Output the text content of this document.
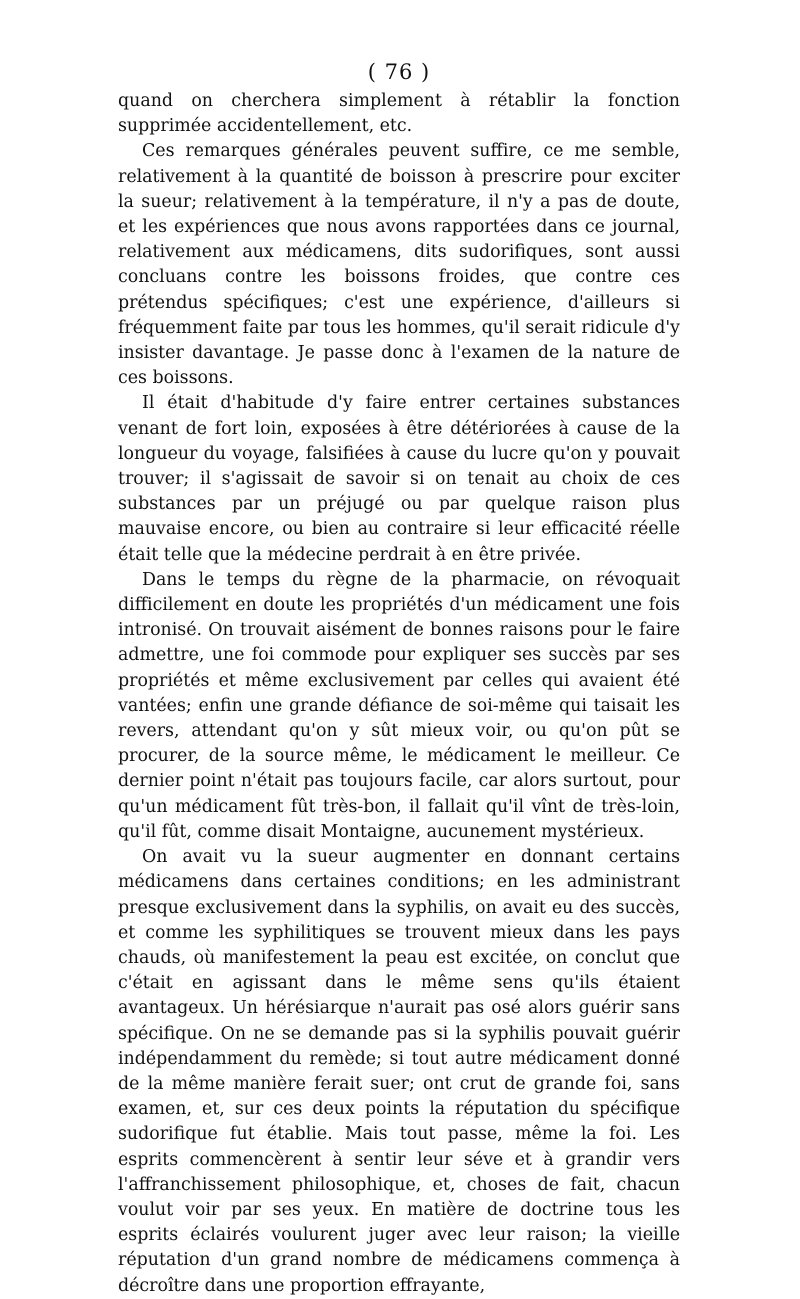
( 76 )

quand on cherchera simplement à rétablir la fonction supprimée accidentellement, etc.

Ces remarques générales peuvent suffire, ce me semble, relativement à la quantité de boisson à prescrire pour exciter la sueur; relativement à la température, il n'y a pas de doute, et les expériences que nous avons rapportées dans ce journal, relativement aux médicamens, dits sudorifiques, sont aussi concluans contre les boissons froides, que contre ces prétendus spécifiques; c'est une expérience, d'ailleurs si fréquemment faite par tous les hommes, qu'il serait ridicule d'y insister davantage. Je passe donc à l'examen de la nature de ces boissons.

Il était d'habitude d'y faire entrer certaines substances venant de fort loin, exposées à être détériorées à cause de la longueur du voyage, falsifiées à cause du lucre qu'on y pouvait trouver; il s'agissait de savoir si on tenait au choix de ces substances par un préjugé ou par quelque raison plus mauvaise encore, ou bien au contraire si leur efficacité réelle était telle que la médecine perdrait à en être privée.

Dans le temps du règne de la pharmacie, on révoquait difficilement en doute les propriétés d'un médicament une fois intronisé. On trouvait aisément de bonnes raisons pour le faire admettre, une foi commode pour expliquer ses succès par ses propriétés et même exclusivement par celles qui avaient été vantées; enfin une grande défiance de soi-même qui taisait les revers, attendant qu'on y sût mieux voir, ou qu'on pût se procurer, de la source même, le médicament le meilleur. Ce dernier point n'était pas toujours facile, car alors surtout, pour qu'un médicament fût très-bon, il fallait qu'il vînt de très-loin, qu'il fût, comme disait Montaigne, aucunement mystérieux.

On avait vu la sueur augmenter en donnant certains médicamens dans certaines conditions; en les administrant presque exclusivement dans la syphilis, on avait eu des succès, et comme les syphilitiques se trouvent mieux dans les pays chauds, où manifestement la peau est excitée, on conclut que c'était en agissant dans le même sens qu'ils étaient avantageux. Un hérésiarque n'aurait pas osé alors guérir sans spécifique. On ne se demande pas si la syphilis pouvait guérir indépendamment du remède; si tout autre médicament donné de la même manière ferait suer; ont crut de grande foi, sans examen, et, sur ces deux points la réputation du spécifique sudorifique fut établie. Mais tout passe, même la foi. Les esprits commencèrent à sentir leur séve et à grandir vers l'affranchissement philosophique, et, choses de fait, chacun voulut voir par ses yeux. En matière de doctrine tous les esprits éclairés voulurent juger avec leur raison; la vieille réputation d'un grand nombre de médicamens commença à décroître dans une proportion effrayante,
